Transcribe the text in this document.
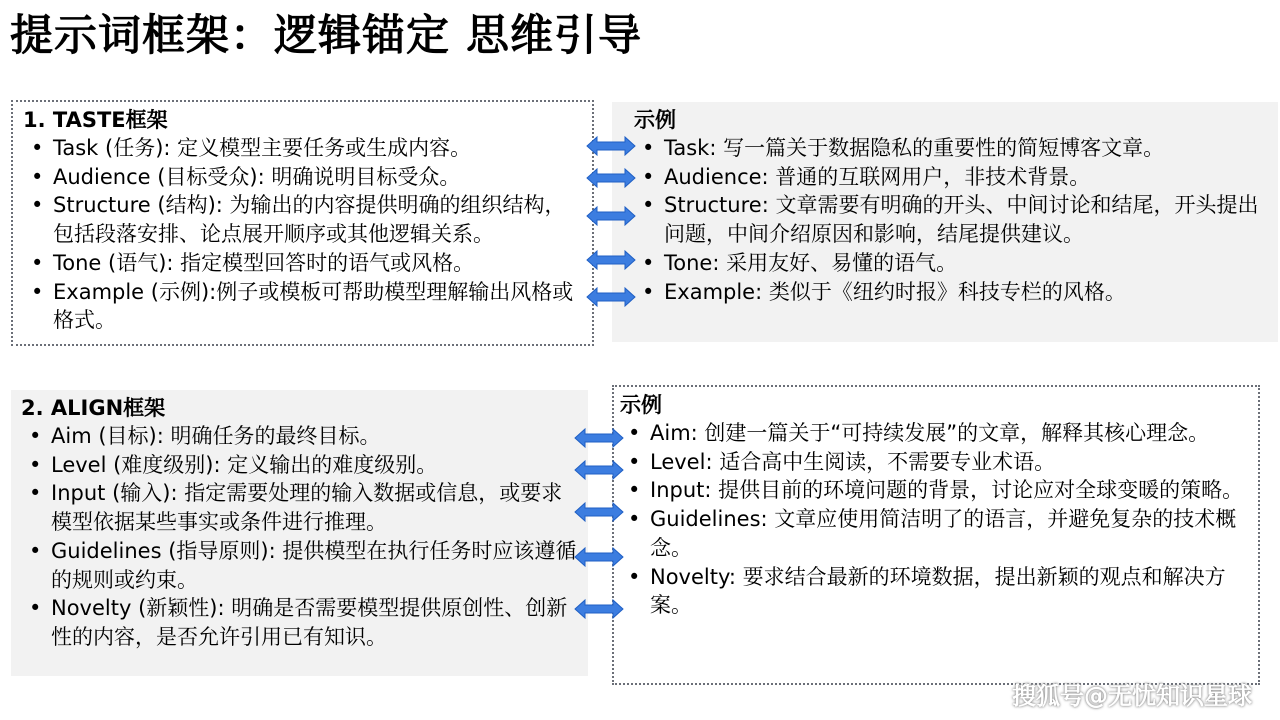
提示词框架：逻辑锚定 思维引导
1. TASTE框架
• Task (任务): 定义模型主要任务或生成内容。
• Audience (目标受众): 明确说明目标受众。
• Structure (结构): 为输出的内容提供明确的组织结构，包括段落安排、论点展开顺序或其他逻辑关系。
• Tone (语气): 指定模型回答时的语气或风格。
• Example (示例):例子或模板可帮助模型理解输出风格或格式。
示例
• Task: 写一篇关于数据隐私的重要性的简短博客文章。
• Audience: 普通的互联网用户，非技术背景。
• Structure: 文章需要有明确的开头、中间讨论和结尾，开头提出问题，中间介绍原因和影响，结尾提供建议。
• Tone: 采用友好、易懂的语气。
• Example: 类似于《纽约时报》科技专栏的风格。
2. ALIGN框架
• Aim (目标): 明确任务的最终目标。
• Level (难度级别): 定义输出的难度级别。
• Input (输入): 指定需要处理的输入数据或信息，或要求模型依据某些事实或条件进行推理。
• Guidelines (指导原则): 提供模型在执行任务时应该遵循的规则或约束。
• Novelty (新颖性): 明确是否需要模型提供原创性、创新性的内容，是否允许引用已有知识。
示例
• Aim: 创建一篇关于“可持续发展”的文章，解释其核心理念。
• Level: 适合高中生阅读，不需要专业术语。
• Input: 提供目前的环境问题的背景，讨论应对全球变暖的策略。
• Guidelines: 文章应使用简洁明了的语言，并避免复杂的技术概念。
• Novelty: 要求结合最新的环境数据，提出新颖的观点和解决方案。
搜狐号@无忧知识星球
